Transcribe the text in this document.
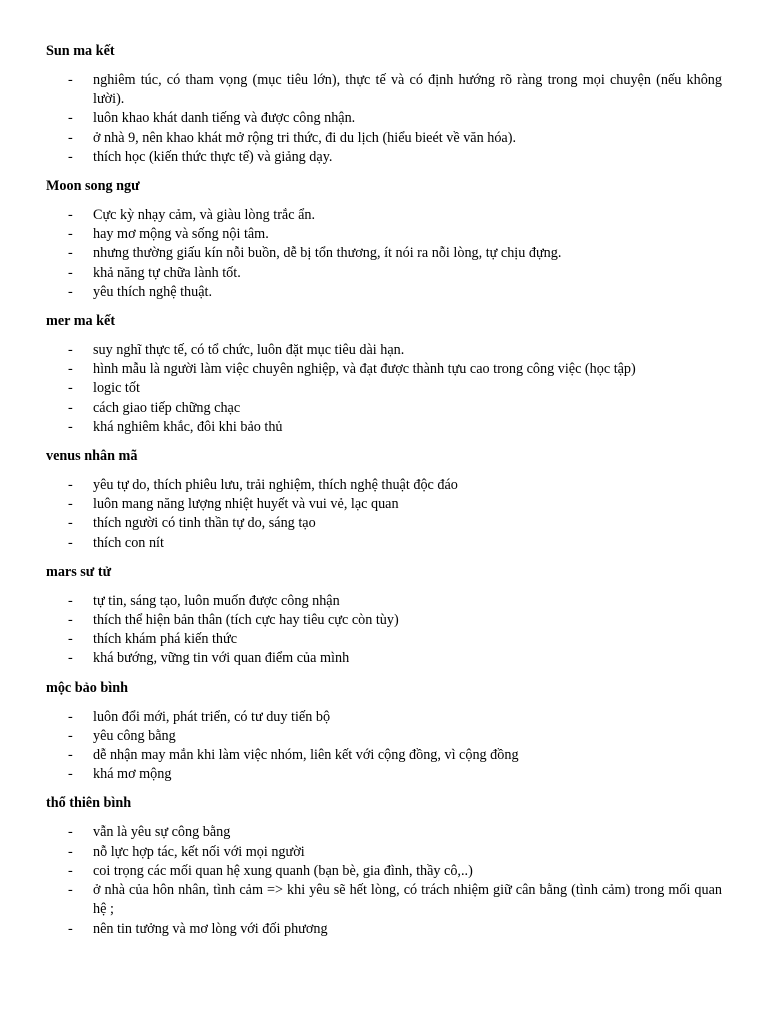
Sun ma kết
- nghiêm túc, có tham vọng (mục tiêu lớn), thực tế và có định hướng rõ ràng trong mọi chuyện (nếu không lười).
- luôn khao khát danh tiếng và được công nhận.
- ở nhà 9, nên khao khát mở rộng tri thức, đi du lịch (hiểu bieét về văn hóa).
- thích học (kiến thức thực tế) và giảng dạy.
Moon song ngư
- Cực kỳ nhạy cảm, và giàu lòng trắc ẩn.
- hay mơ mộng và sống nội tâm.
- nhưng thường giấu kín nỗi buồn, dễ bị tổn thương, ít nói ra nỗi lòng, tự chịu đựng.
- khả năng tự chữa lành tốt.
- yêu thích nghệ thuật.
mer ma kết
- suy nghĩ thực tế, có tổ chức, luôn đặt mục tiêu dài hạn.
- hình mẫu là người làm việc chuyên nghiệp, và đạt được thành tựu cao trong công việc (học tập)
- logic tốt
- cách giao tiếp chững chạc
- khá nghiêm khắc, đôi khi bảo thủ
venus nhân mã
- yêu tự do, thích phiêu lưu, trải nghiệm, thích nghệ thuật độc đáo
- luôn mang năng lượng nhiệt huyết và vui vẻ, lạc quan
- thích người có tinh thần tự do, sáng tạo
- thích con nít
mars sư tử
- tự tin, sáng tạo, luôn muốn được công nhận
- thích thể hiện bản thân (tích cực hay tiêu cực còn tùy)
- thích khám phá kiến thức
- khá bướng, vững tin với quan điểm của mình
mộc bảo bình
- luôn đổi mới, phát triển, có tư duy tiến bộ
- yêu công bằng
- dễ nhận may mắn khi làm việc nhóm, liên kết với cộng đồng, vì cộng đồng
- khá mơ mộng
thổ thiên bình
- vẫn là yêu sự công bằng
- nỗ lực hợp tác, kết nối với mọi người
- coi trọng các mối quan hệ xung quanh (bạn bè, gia đình, thầy cô,..)
- ở nhà của hôn nhân, tình cảm => khi yêu sẽ hết lòng, có trách nhiệm giữ cân bằng (tình cảm) trong mối quan hệ ;
- nên tin tưởng và mơ lòng với đối phương
